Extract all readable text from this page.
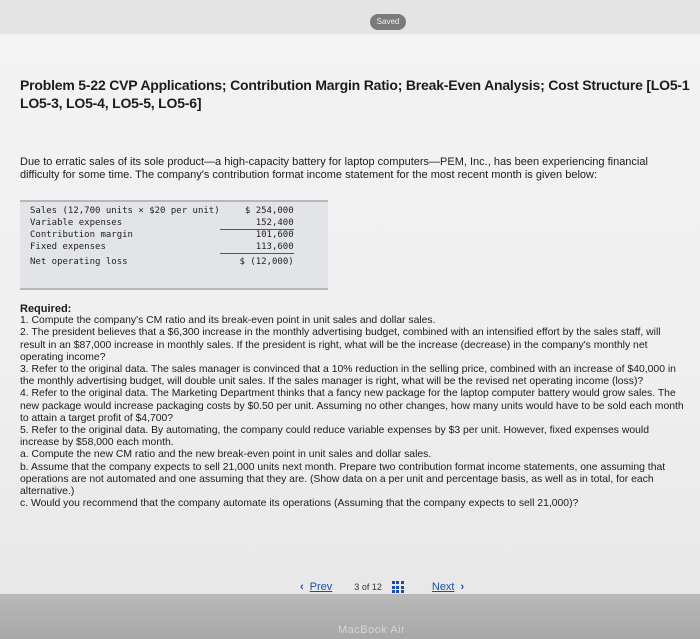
Saved
Problem 5-22 CVP Applications; Contribution Margin Ratio; Break-Even Analysis; Cost Structure [LO5-1
LO5-3, LO5-4, LO5-5, LO5-6]

Due to erratic sales of its sole product—a high-capacity battery for laptop computers—PEM, Inc., has been experiencing financial difficulty for some time. The company's contribution format income statement for the most recent month is given below:

Sales (12,700 units × $20 per unit)	$ 254,000
Variable expenses	152,400
Contribution margin	101,600
Fixed expenses	113,600
Net operating loss	$ (12,000)

Required:

1. Compute the company's CM ratio and its break-even point in unit sales and dollar sales.

2. The president believes that a $6,300 increase in the monthly advertising budget, combined with an intensified effort by the sales staff, will result in an $87,000 increase in monthly sales. If the president is right, what will be the increase (decrease) in the company's monthly net operating income?

3. Refer to the original data. The sales manager is convinced that a 10% reduction in the selling price, combined with an increase of $40,000 in the monthly advertising budget, will double unit sales. If the sales manager is right, what will be the revised net operating income (loss)?

4. Refer to the original data. The Marketing Department thinks that a fancy new package for the laptop computer battery would grow sales. The new package would increase packaging costs by $0.50 per unit. Assuming no other changes, how many units would have to be sold each month to attain a target profit of $4,700?

5. Refer to the original data. By automating, the company could reduce variable expenses by $3 per unit. However, fixed expenses would increase by $58,000 each month.

a. Compute the new CM ratio and the new break-even point in unit sales and dollar sales.

b. Assume that the company expects to sell 21,000 units next month. Prepare two contribution format income statements, one assuming that operations are not automated and one assuming that they are. (Show data on a per unit and percentage basis, as well as in total, for each alternative.)

c. Would you recommend that the company automate its operations (Assuming that the company expects to sell 21,000)?

‹ Prev 3 of 12	Next ›
MacBook Air
